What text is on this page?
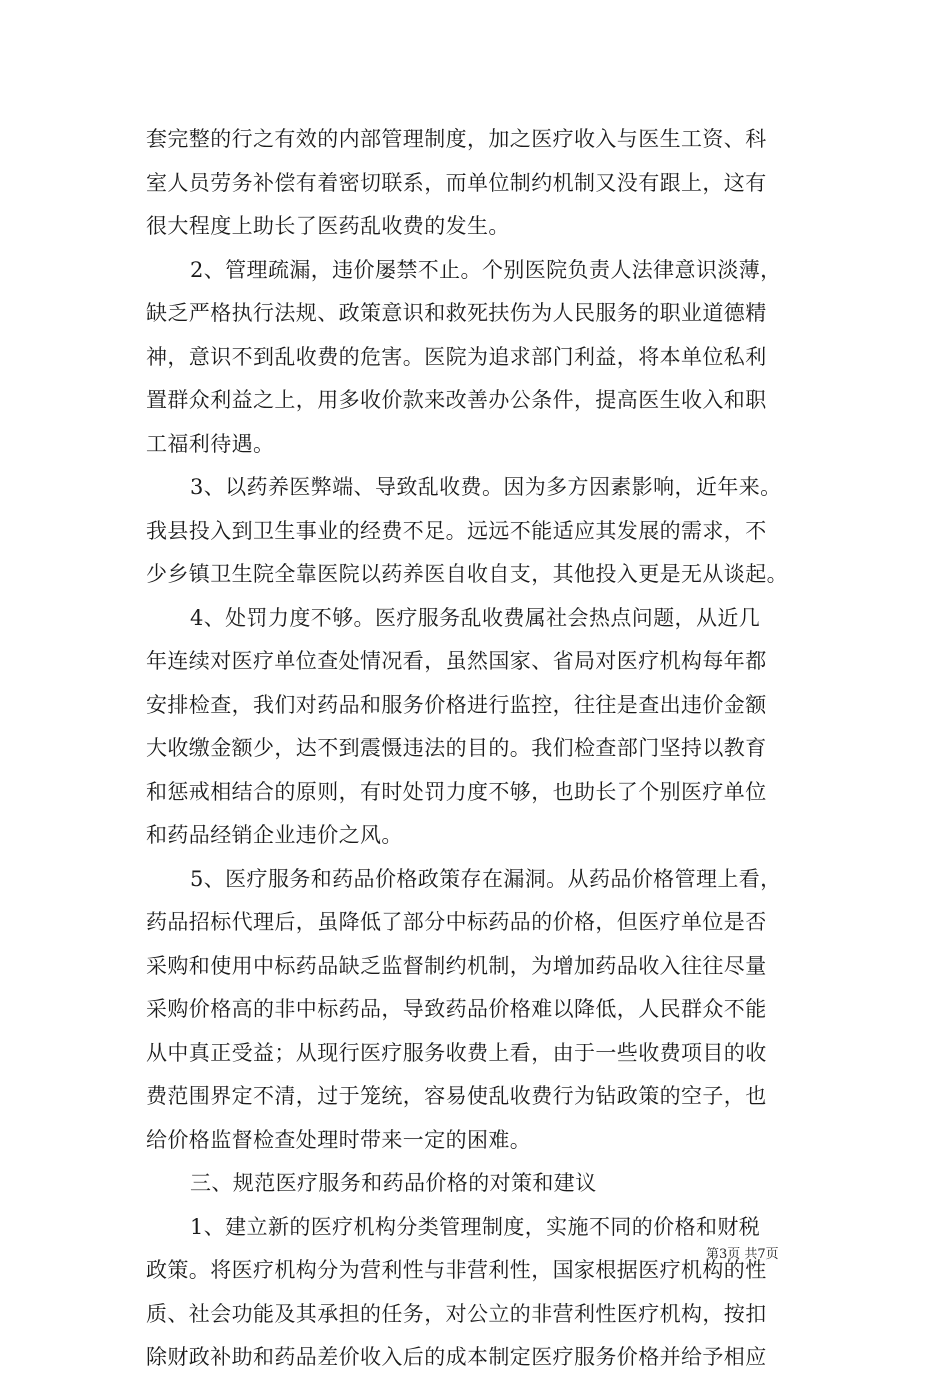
套完整的行之有效的内部管理制度，加之医疗收入与医生工资、科
室人员劳务补偿有着密切联系，而单位制约机制又没有跟上，这有
很大程度上助长了医药乱收费的发生。
2、管理疏漏，违价屡禁不止。个别医院负责人法律意识淡薄，
缺乏严格执行法规、政策意识和救死扶伤为人民服务的职业道德精
神，意识不到乱收费的危害。医院为追求部门利益，将本单位私利
置群众利益之上，用多收价款来改善办公条件，提高医生收入和职
工福利待遇。
3、以药养医弊端、导致乱收费。因为多方因素影响，近年来。
我县投入到卫生事业的经费不足。远远不能适应其发展的需求，不
少乡镇卫生院全靠医院以药养医自收自支，其他投入更是无从谈起。
4、处罚力度不够。医疗服务乱收费属社会热点问题，从近几
年连续对医疗单位查处情况看，虽然国家、省局对医疗机构每年都
安排检查，我们对药品和服务价格进行监控，往往是查出违价金额
大收缴金额少，达不到震慑违法的目的。我们检查部门坚持以教育
和惩戒相结合的原则，有时处罚力度不够，也助长了个别医疗单位
和药品经销企业违价之风。
5、医疗服务和药品价格政策存在漏洞。从药品价格管理上看，
药品招标代理后，虽降低了部分中标药品的价格，但医疗单位是否
采购和使用中标药品缺乏监督制约机制，为增加药品收入往往尽量
采购价格高的非中标药品，导致药品价格难以降低，人民群众不能
从中真正受益；从现行医疗服务收费上看，由于一些收费项目的收
费范围界定不清，过于笼统，容易使乱收费行为钻政策的空子，也
给价格监督检查处理时带来一定的困难。
三、规范医疗服务和药品价格的对策和建议
1、建立新的医疗机构分类管理制度，实施不同的价格和财税
政策。将医疗机构分为营利性与非营利性，国家根据医疗机构的性
质、社会功能及其承担的任务，对公立的非营利性医疗机构，按扣
除财政补助和药品差价收入后的成本制定医疗服务价格并给予相应
第3页 共7页
